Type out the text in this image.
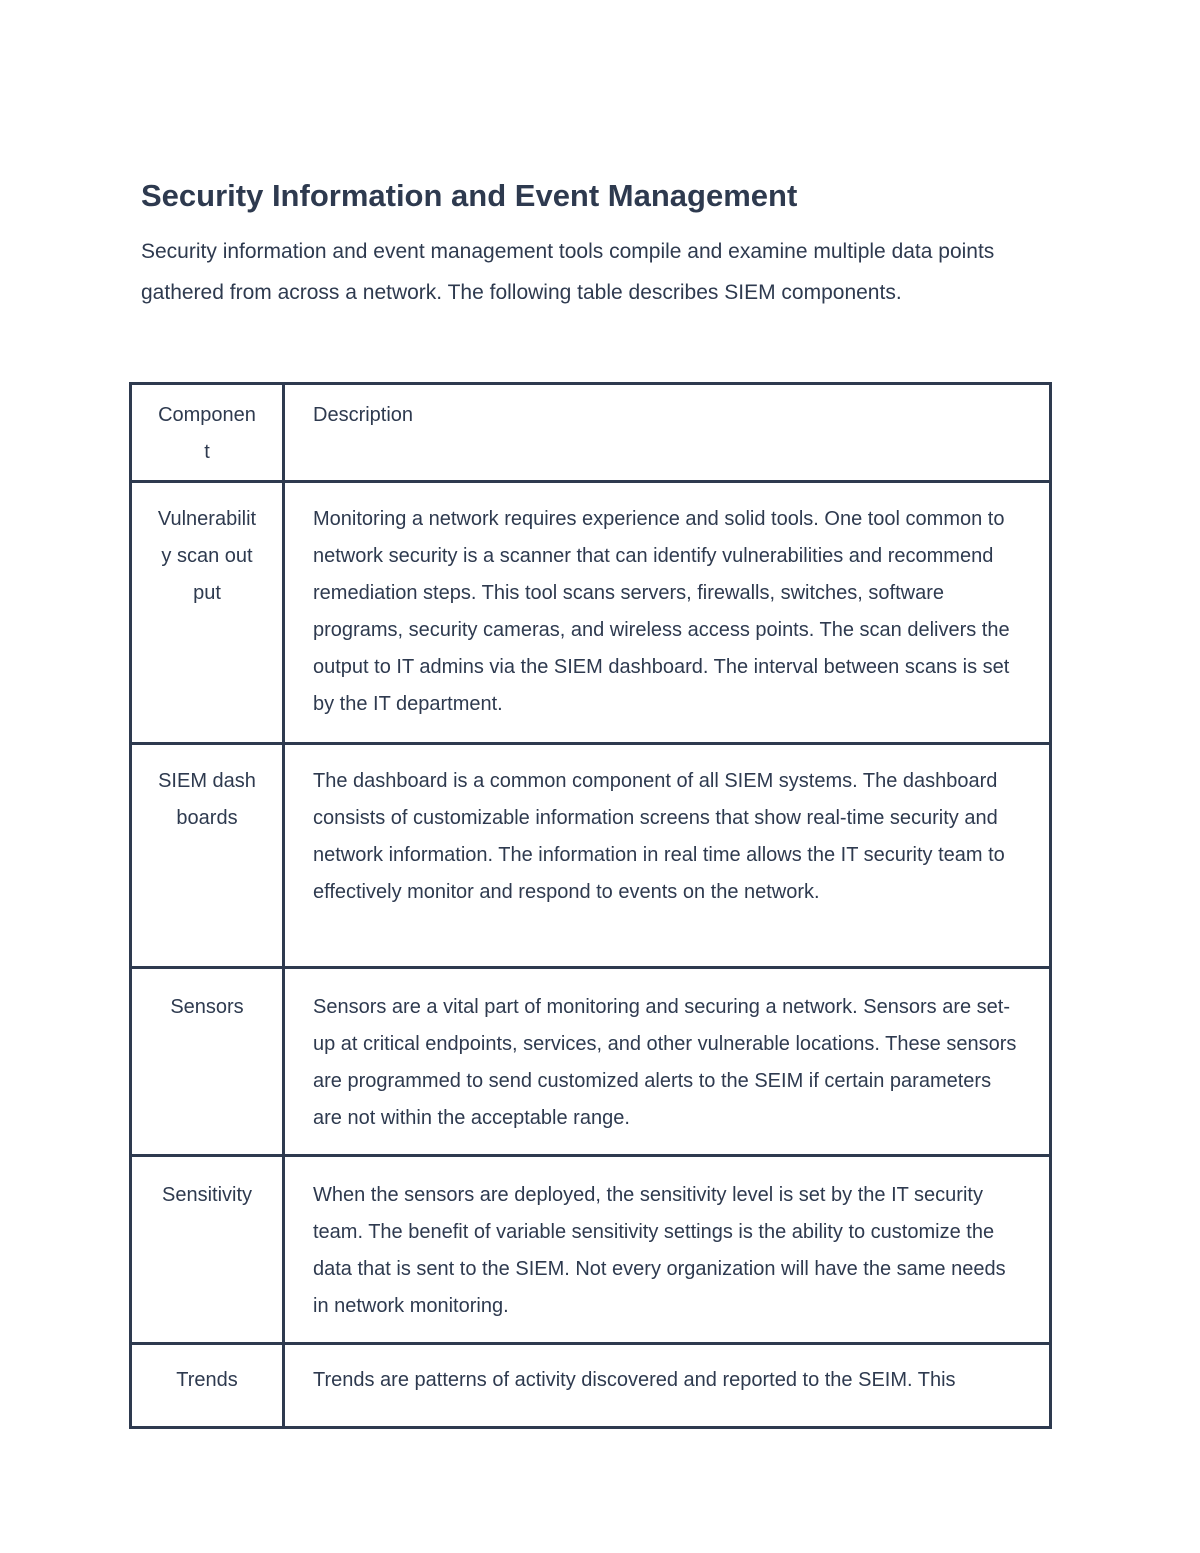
Security Information and Event Management

Security information and event management tools compile and examine multiple data points gathered from across a network. The following table describes SIEM components.

Component	Description

Vulnerability scan output	Monitoring a network requires experience and solid tools. One tool common to network security is a scanner that can identify vulnerabilities and recommend remediation steps. This tool scans servers, firewalls, switches, software programs, security cameras, and wireless access points. The scan delivers the output to IT admins via the SIEM dashboard. The interval between scans is set by the IT department.

SIEM dashboards	The dashboard is a common component of all SIEM systems. The dashboard consists of customizable information screens that show real-time security and network information. The information in real time allows the IT security team to effectively monitor and respond to events on the network.

Sensors	Sensors are a vital part of monitoring and securing a network. Sensors are set-up at critical endpoints, services, and other vulnerable locations. These sensors are programmed to send customized alerts to the SEIM if certain parameters are not within the acceptable range.

Sensitivity	When the sensors are deployed, the sensitivity level is set by the IT security team. The benefit of variable sensitivity settings is the ability to customize the data that is sent to the SIEM. Not every organization will have the same needs in network monitoring.

Trends	Trends are patterns of activity discovered and reported to the SEIM. This
